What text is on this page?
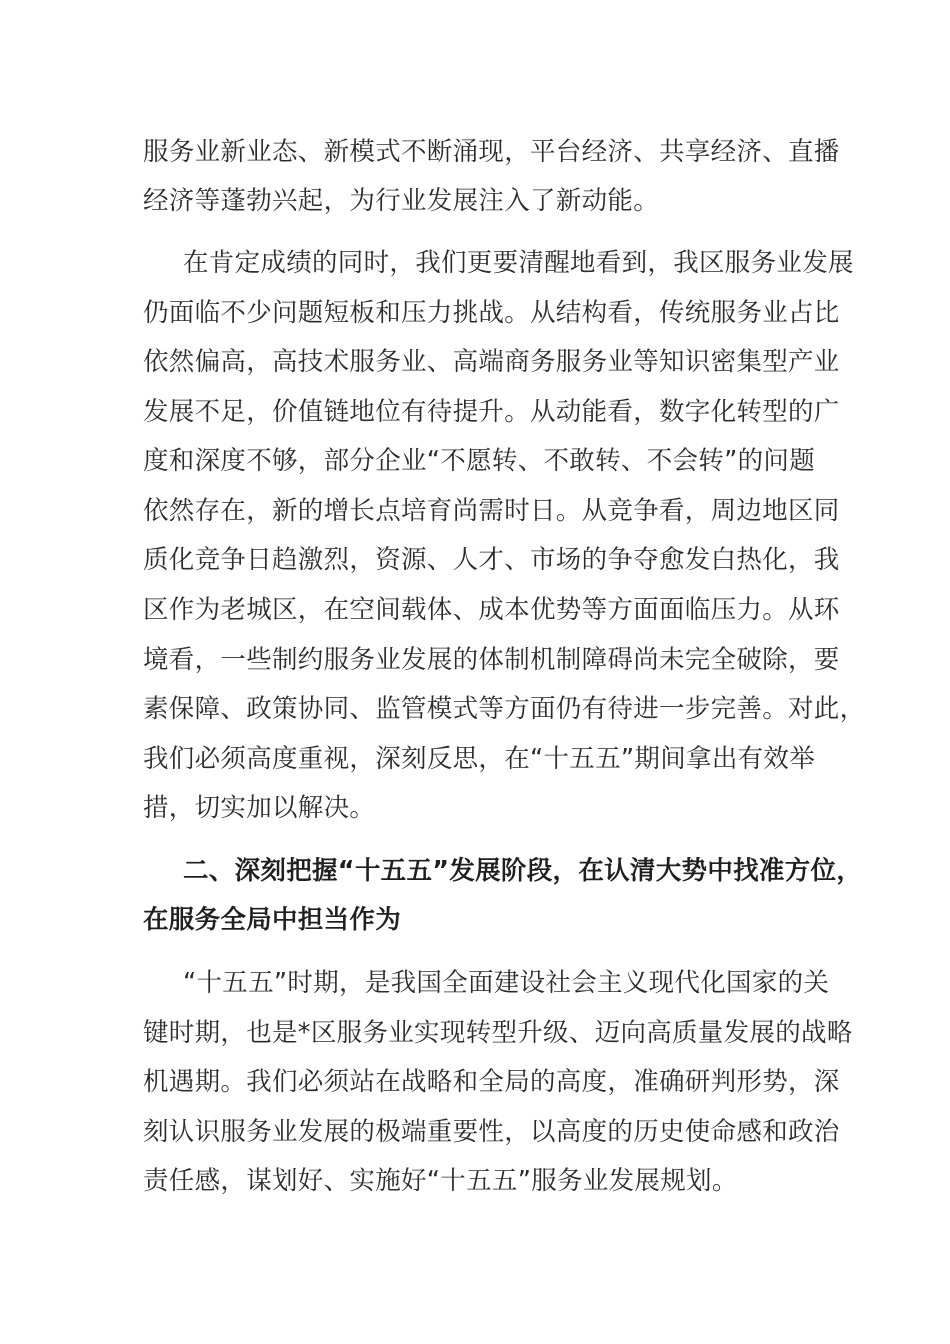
服务业新业态、新模式不断涌现，平台经济、共享经济、直播
经济等蓬勃兴起，为行业发展注入了新动能。
在肯定成绩的同时，我们更要清醒地看到，我区服务业发展
仍面临不少问题短板和压力挑战。从结构看，传统服务业占比
依然偏高，高技术服务业、高端商务服务业等知识密集型产业
发展不足，价值链地位有待提升。从动能看，数字化转型的广
度和深度不够，部分企业“不愿转、不敢转、不会转”的问题
依然存在，新的增长点培育尚需时日。从竞争看，周边地区同
质化竞争日趋激烈，资源、人才、市场的争夺愈发白热化，我
区作为老城区，在空间载体、成本优势等方面面临压力。从环
境看，一些制约服务业发展的体制机制障碍尚未完全破除，要
素保障、政策协同、监管模式等方面仍有待进一步完善。对此，
我们必须高度重视，深刻反思，在“十五五”期间拿出有效举
措，切实加以解决。
二、深刻把握“十五五”发展阶段，在认清大势中找准方位，
在服务全局中担当作为
“十五五”时期，是我国全面建设社会主义现代化国家的关
键时期，也是*区服务业实现转型升级、迈向高质量发展的战略
机遇期。我们必须站在战略和全局的高度，准确研判形势，深
刻认识服务业发展的极端重要性，以高度的历史使命感和政治
责任感，谋划好、实施好“十五五”服务业发展规划。
